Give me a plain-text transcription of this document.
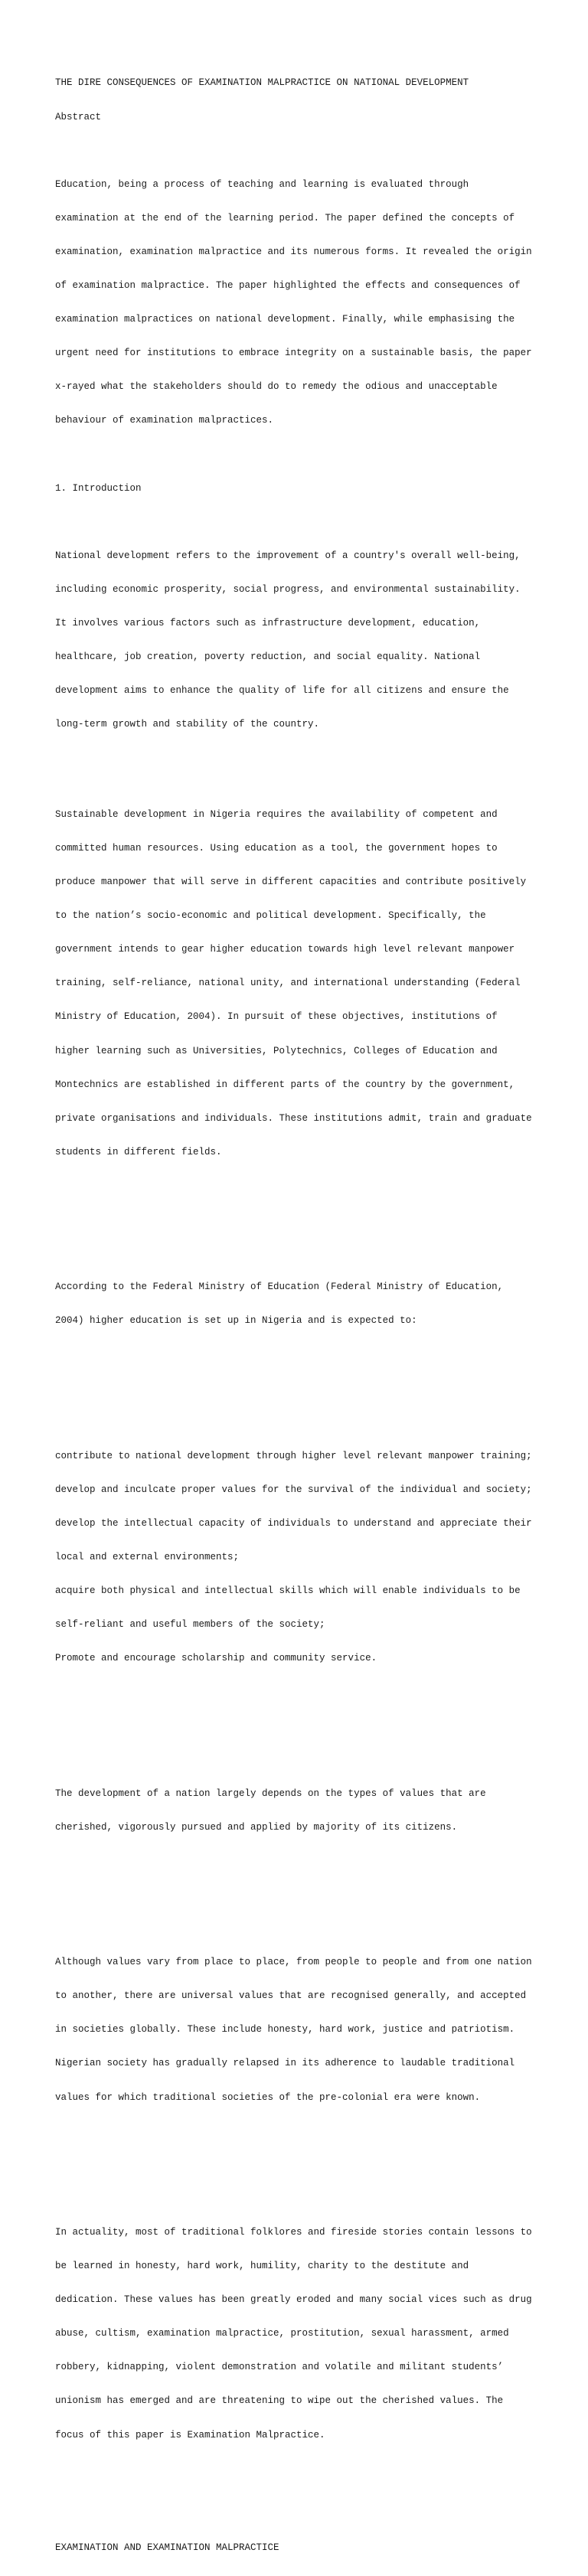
THE DIRE CONSEQUENCES OF EXAMINATION MALPRACTICE ON NATIONAL DEVELOPMENT

Abstract

Education, being a process of teaching and learning is evaluated through

examination at the end of the learning period. The paper defined the concepts of

examination, examination malpractice and its numerous forms. It revealed the origin

of examination malpractice. The paper highlighted the effects and consequences of

examination malpractices on national development. Finally, while emphasising the

urgent need for institutions to embrace integrity on a sustainable basis, the paper

x-rayed what the stakeholders should do to remedy the odious and unacceptable

behaviour of examination malpractices.

1. Introduction

National development refers to the improvement of a country's overall well-being,

including economic prosperity, social progress, and environmental sustainability.

It involves various factors such as infrastructure development, education,

healthcare, job creation, poverty reduction, and social equality. National

development aims to enhance the quality of life for all citizens and ensure the

long-term growth and stability of the country.

Sustainable development in Nigeria requires the availability of competent and

committed human resources. Using education as a tool, the government hopes to

produce manpower that will serve in different capacities and contribute positively

to the nation’s socio-economic and political development. Specifically, the

government intends to gear higher education towards high level relevant manpower

training, self-reliance, national unity, and international understanding (Federal

Ministry of Education, 2004). In pursuit of these objectives, institutions of

higher learning such as Universities, Polytechnics, Colleges of Education and

Montechnics are established in different parts of the country by the government,

private organisations and individuals. These institutions admit, train and graduate

students in different fields.

According to the Federal Ministry of Education (Federal Ministry of Education,

2004) higher education is set up in Nigeria and is expected to:

contribute to national development through higher level relevant manpower training;

develop and inculcate proper values for the survival of the individual and society;

develop the intellectual capacity of individuals to understand and appreciate their

local and external environments;

acquire both physical and intellectual skills which will enable individuals to be

self-reliant and useful members of the society;

Promote and encourage scholarship and community service.

The development of a nation largely depends on the types of values that are

cherished, vigorously pursued and applied by majority of its citizens.

Although values vary from place to place, from people to people and from one nation

to another, there are universal values that are recognised generally, and accepted

in societies globally. These include honesty, hard work, justice and patriotism.

Nigerian society has gradually relapsed in its adherence to laudable traditional

values for which traditional societies of the pre-colonial era were known.

In actuality, most of traditional folklores and fireside stories contain lessons to

be learned in honesty, hard work, humility, charity to the destitute and

dedication. These values has been greatly eroded and many social vices such as drug

abuse, cultism, examination malpractice, prostitution, sexual harassment, armed

robbery, kidnapping, violent demonstration and volatile and militant students’

unionism has emerged and are threatening to wipe out the cherished values. The

focus of this paper is Examination Malpractice.

EXAMINATION AND EXAMINATION MALPRACTICE
